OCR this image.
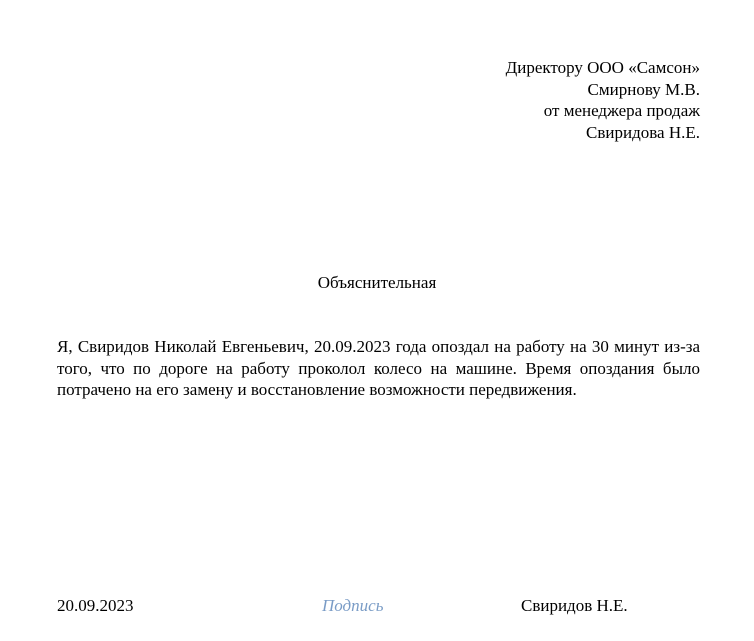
Директору ООО «Самсон»
Смирнову М.В.
от менеджера продаж
Свиридова Н.Е.
Объяснительная

Я, Свиридов Николай Евгеньевич, 20.09.2023 года опоздал на работу на 30 минут из-за того, что по дороге на работу проколол колесо на машине. Время опоздания было потрачено на его замену и восстановление возможности передвижения.

20.09.2023	Подпись	Свиридов Н.Е.
